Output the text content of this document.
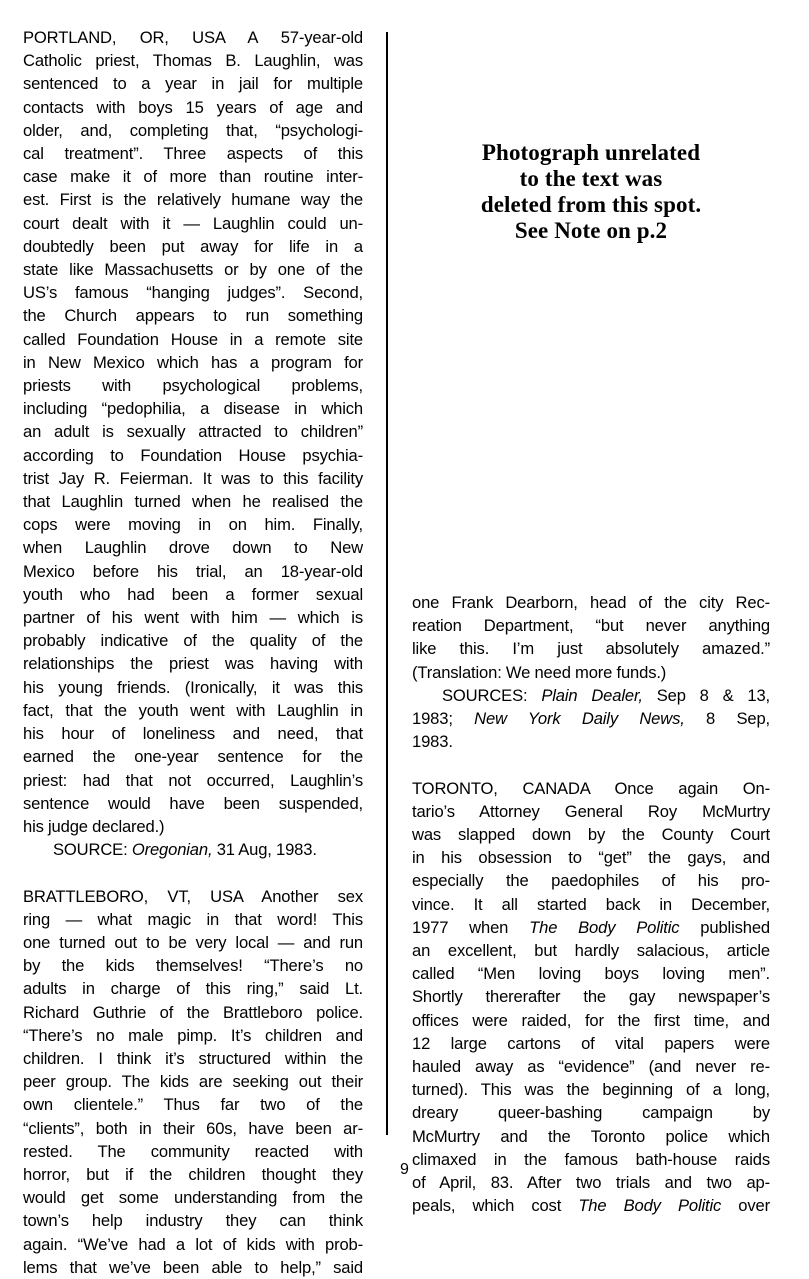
PORTLAND, OR, USA A 57-year-old
Catholic priest, Thomas B. Laughlin, was
sentenced to a year in jail for multiple
contacts with boys 15 years of age and
older, and, completing that, “psychologi-
cal treatment”. Three aspects of this
case make it of more than routine inter-
est. First is the relatively humane way the
court dealt with it — Laughlin could un-
doubtedly been put away for life in a
state like Massachusetts or by one of the
US’s famous “hanging judges”. Second,
the Church appears to run something
called Foundation House in a remote site
in New Mexico which has a program for
priests with psychological problems,
including “pedophilia, a disease in which
an adult is sexually attracted to children”
according to Foundation House psychia-
trist Jay R. Feierman. It was to this facility
that Laughlin turned when he realised the
cops were moving in on him. Finally,
when Laughlin drove down to New
Mexico before his trial, an 18-year-old
youth who had been a former sexual
partner of his went with him — which is
probably indicative of the quality of the
relationships the priest was having with
his young friends. (Ironically, it was this
fact, that the youth went with Laughlin in
his hour of loneliness and need, that
earned the one-year sentence for the
priest: had that not occurred, Laughlin’s
sentence would have been suspended,
his judge declared.)
SOURCE: Oregonian, 31 Aug, 1983.
BRATTLEBORO, VT, USA Another sex
ring — what magic in that word! This
one turned out to be very local — and run
by the kids themselves! “There’s no
adults in charge of this ring,” said Lt.
Richard Guthrie of the Brattleboro police.
“There’s no male pimp. It’s children and
children. I think it’s structured within the
peer group. The kids are seeking out their
own clientele.” Thus far two of the
“clients”, both in their 60s, have been ar-
rested. The community reacted with
horror, but if the children thought they
would get some understanding from the
town’s help industry they can think
again. “We’ve had a lot of kids with prob-
lems that we’ve been able to help,” said
Photograph unrelated
to the text was
deleted from this spot.
See Note on p.2
one Frank Dearborn, head of the city Rec-
reation Department, “but never anything
like this. I’m just absolutely amazed.”
(Translation: We need more funds.)
SOURCES: Plain Dealer, Sep 8 & 13,
1983; New York Daily News, 8 Sep,
1983.
TORONTO, CANADA Once again On-
tario’s Attorney General Roy McMurtry
was slapped down by the County Court
in his obsession to “get” the gays, and
especially the paedophiles of his pro-
vince. It all started back in December,
1977 when The Body Politic published
an excellent, but hardly salacious, article
called “Men loving boys loving men”.
Shortly thererafter the gay newspaper’s
offices were raided, for the first time, and
12 large cartons of vital papers were
hauled away as “evidence” (and never re-
turned). This was the beginning of a long,
dreary queer-bashing campaign by
McMurtry and the Toronto police which
climaxed in the famous bath-house raids
of April, 83. After two trials and two ap-
peals, which cost The Body Politic over
9
